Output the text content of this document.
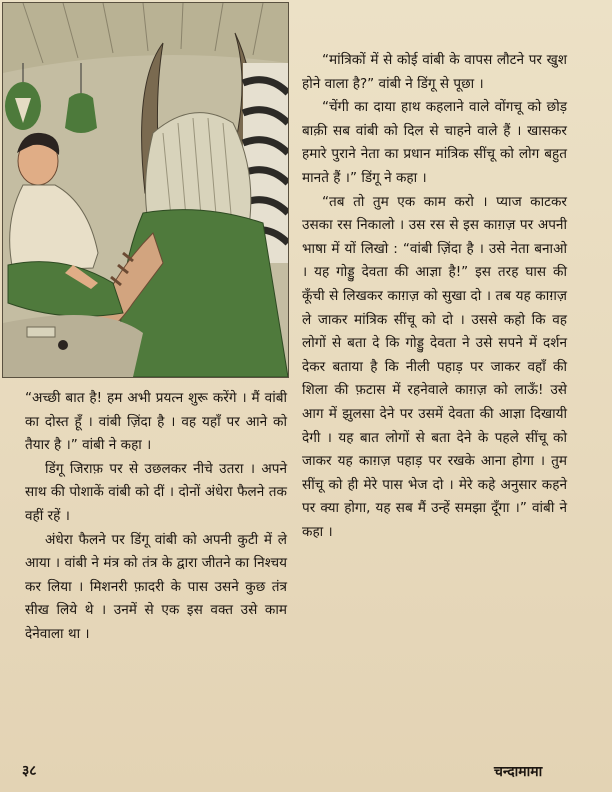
“अच्छी बात है! हम अभी प्रयत्न शुरू करेंगे । मैं वांबी का दोस्त हूँ । वांबी ज़िंदा है । वह यहाँ पर आने को तैयार है ।” वांबी ने कहा ।

डिंगू जिराफ़ पर से उछलकर नीचे उतरा । अपने साथ की पोशाकें वांबी को दीं । दोनों अंधेरा फैलने तक वहीं रहें ।

अंधेरा फैलने पर डिंगू वांबी को अपनी कुटी में ले आया । वांबी ने मंत्र को तंत्र के द्वारा जीतने का निश्चय कर लिया । मिशनरी फ़ादरी के पास उसने कुछ तंत्र सीख लिये थे । उनमें से एक इस वक्त उसे काम देनेवाला था ।

“मांत्रिकों में से कोई वांबी के वापस लौटने पर खुश होने वाला है?” वांबी ने डिंगू से पूछा ।

“चेंगी का दाया हाथ कहलाने वाले वोंगचू को छोड़ बाक़ी सब वांबी को दिल से चाहने वाले हैं । खासकर हमारे पुराने नेता का प्रधान मांत्रिक सींचू को लोग बहुत मानते हैं ।” डिंगू ने कहा ।

“तब तो तुम एक काम करो । प्याज काटकर उसका रस निकालो । उस रस से इस काग़ज़ पर अपनी भाषा में यों लिखो : “वांबी ज़िंदा है । उसे नेता बनाओ । यह गोड्डु देवता की आज्ञा है!” इस तरह घास की कूँची से लिखकर काग़ज़ को सुखा दो । तब यह काग़ज़ ले जाकर मांत्रिक सींचू को दो । उससे कहो कि वह लोगों से बता दे कि गोड्डु देवता ने उसे सपने में दर्शन देकर बताया है कि नीली पहाड़ पर जाकर वहाँ की शिला की फ़टास में रहनेवाले काग़ज़ को लाऊँ! उसे आग में झुलसा देने पर उसमें देवता की आज्ञा दिखायी देगी । यह बात लोगों से बता देने के पहले सींचू को जाकर यह काग़ज़ पहाड़ पर रखके आना होगा । तुम सींचू को ही मेरे पास भेज दो । मेरे कहे अनुसार कहने पर क्या होगा, यह सब मैं उन्हें समझा दूँगा ।” वांबी ने कहा ।

३८	चन्दामामा
